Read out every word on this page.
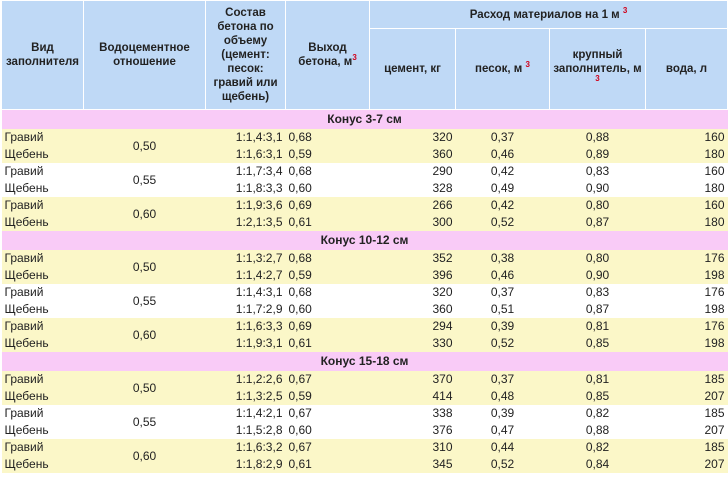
Вид заполнителя	Водоцементное отношение	Состав бетона по объему (цемент: песок: гравий или щебень)	Выход бетона, $м^3$	Расход материалов на 1 м $^3$
				цемент, кг	песок, м $^3$	крупный заполнитель, м $^3$	вода, л
Конус 3-7 см							
Гравий	0,50	1:1,4:3,1	0,68	320	0,37	0,88	160
Щебень		1:1,6:3,1	0,59	360	0,46	0,89	180
Гравий	0,55	1:1,7:3,4	0,68	290	0,42	0,83	160
Щебень		1:1,8:3,3	0,60	328	0,49	0,90	180
Гравий	0,60	1:1,9:3,6	0,69	266	0,42	0,80	160
Щебень		1:2,1:3,5	0,61	300	0,52	0,87	180
Конус 10-12 см							
Гравий	0,50	1:1,3:2,7	0,68	352	0,38	0,80	176
Щебень		1:1,4:2,7	0,59	396	0,46	0,90	198
Гравий	0,55	1:1,4:3,1	0,68	320	0,37	0,83	176
Щебень		1:1,7:2,9	0,60	360	0,51	0,87	198
Гравий	0,60	1:1,6:3,3	0,69	294	0,39	0,81	176
Щебень		1:1,9:3,1	0,61	330	0,52	0,85	198
Конус 15-18 см							
Гравий	0,50	1:1,2:2,6	0,67	370	0,37	0,81	185
Щебень		1:1,3:2,5	0,59	414	0,48	0,85	207
Гравий	0,55	1:1,4:2,1	0,67	338	0,39	0,82	185
Щебень		1:1,5:2,8	0,60	376	0,47	0,88	207
Гравий	0,60	1:1,6:3,2	0,67	310	0,44	0,82	185
Щебень		1:1,8:2,9	0,61	345	0,52	0,84	207
